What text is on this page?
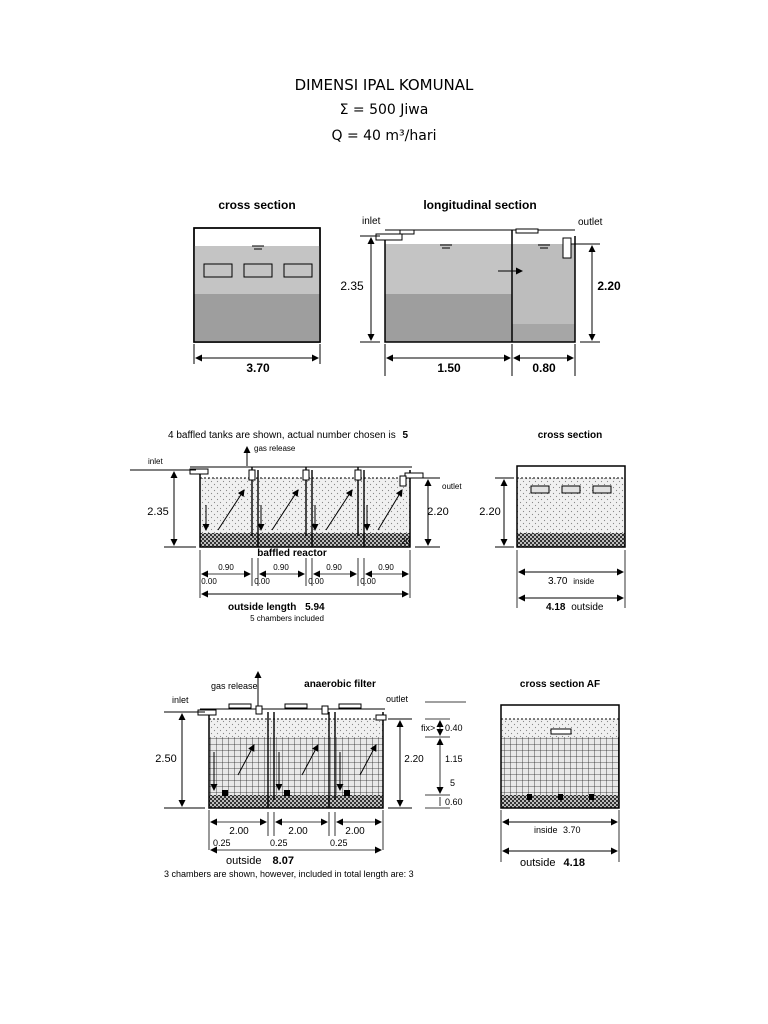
DIMENSI IPAL KOMUNAL
Σ = 500 Jiwa
Q = 40 m³/hari
cross section
3.70
longitudinal section
inlet	outlet
2.35	2.20
1.50	0.80
4 baffled tanks are shown, actual number chosen is 5
gas release
inlet
outlet
.20
2.35	2.20
baffled reactor
0.90	0.90	0.90	0.90
0.00	0.00	0.00	0.00
outside length 5.94
5 chambers included
cross section
2.20
3.70 inside
4.18 outside
gas release	anaerobic filter
inlet	outlet
2.50	2.20
fix> 0.40
1.15
5
0.60
2.00	2.00	2.00
0.25	0.25	0.25
outside 8.07
3 chambers are shown, however, included in total length are: 3
cross section AF
inside 3.70
outside 4.18
